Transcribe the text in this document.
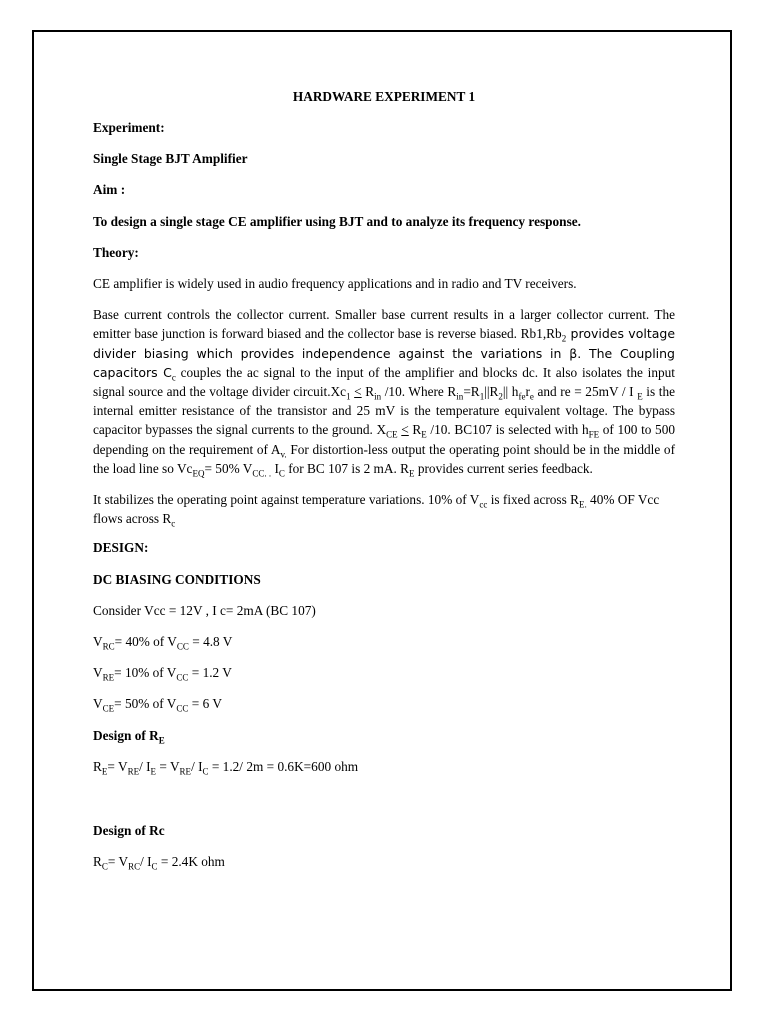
HARDWARE EXPERIMENT 1

Experiment:

Single Stage BJT Amplifier

Aim :

To design a single stage CE amplifier using BJT and to analyze its frequency response.

Theory:

CE amplifier is widely used in audio frequency applications and in radio and TV receivers.

Base current controls the collector current. Smaller base current results in a larger collector current. The emitter base junction is forward biased and the collector base is reverse biased. $Rb1,Rb_2$ provides voltage divider biasing which provides independence against the variations in β. The Coupling capacitors $C_c$ couples the ac signal to the input of the amplifier and blocks dc. It also isolates the input signal source and the voltage divider $circuit.Xc_1 < R_{in}$ /10. Where $R_{in}=R_1||R_2||$ $h_{fe}r_e$ and re = 25mV / I $_E$ is the internal emitter resistance of the transistor and 25 mV is the temperature equivalent voltage. The bypass capacitor bypasses the signal currents to the ground. $X_{CE} < R_E$ /10. BC107 is selected with $h_{FE}$ of 100 to 500 depending on the requirement of $A_{v.}$ For distortion-less output the operating point should be in the middle of the load line so $Vc_{EQ}= 50\%$ $V_{CC. .}$ $I_C$ for BC 107 is 2 mA. $R_E$ provides current series feedback.

It stabilizes the operating point against temperature variations. 10% of $V_{cc}$ is fixed across $R_{E.}$ 40% OF Vcc flows across $R_c$

DESIGN:

DC BIASING CONDITIONS

Consider Vcc = 12V , I c= 2mA (BC 107)

$V_{RC}= 40\%$ of $V_{CC} = 4.8$ V

$V_{RE}= 10\%$ of $V_{CC} = 1.2$ V

$V_{CE}= 50\%$ of $V_{CC} = 6$ V

Design of $R_E$

$R_E= V_{RE}/$ $I_E = V_{RE}/$ $I_C = 1.2/$ 2m = 0.6K=600 ohm

Design of Rc

$R_C= V_{RC}/$ $I_C = 2.4K$ ohm
